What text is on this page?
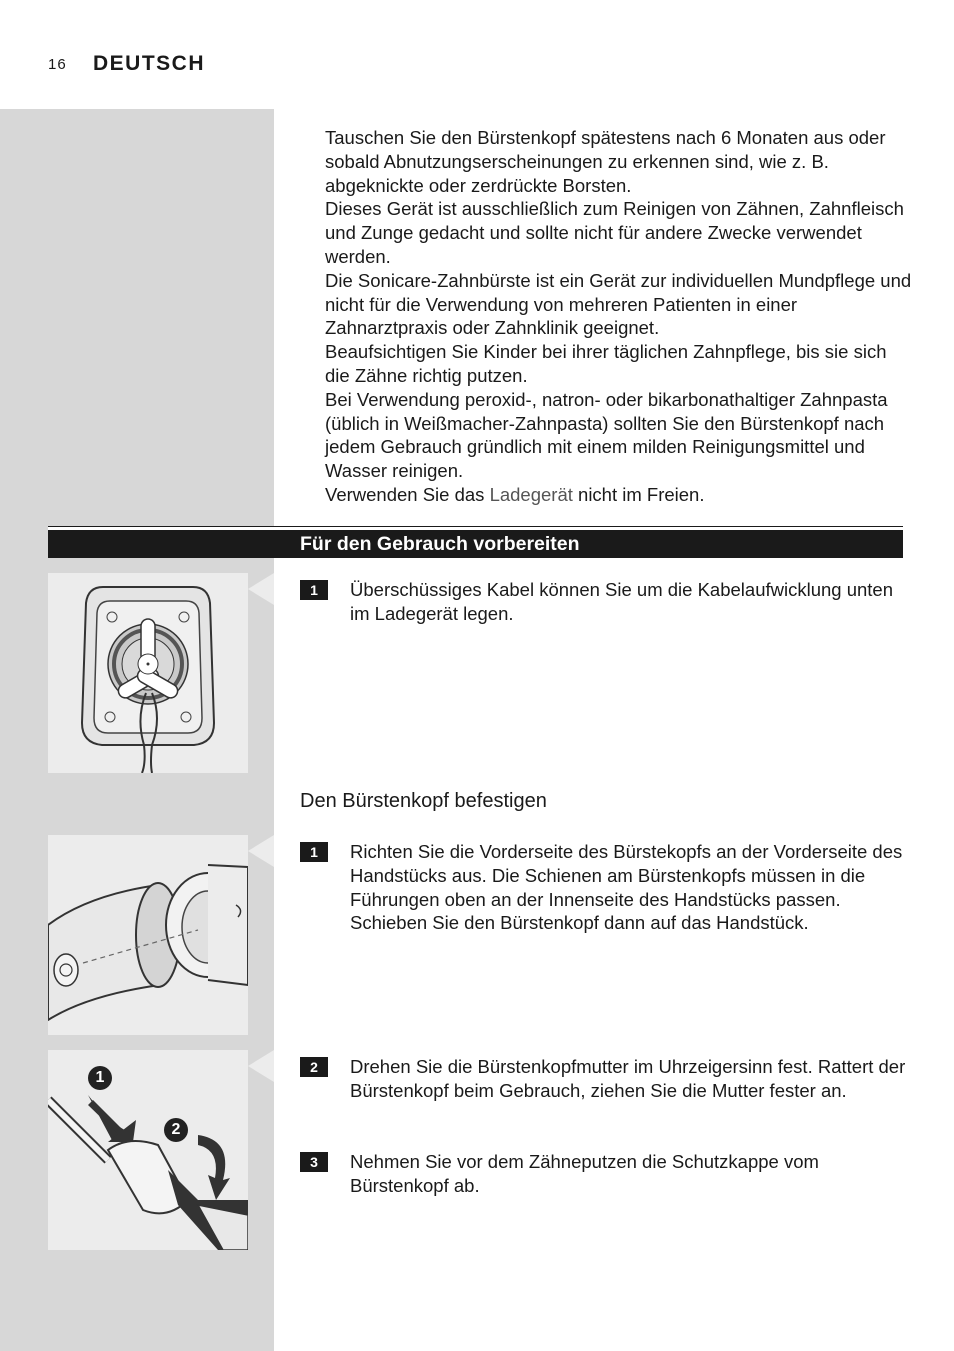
16 DEUTSCH

Tauschen Sie den Bürstenkopf spätestens nach 6 Monaten aus oder sobald Abnutzungserscheinungen zu erkennen sind, wie z. B. abgeknickte oder zerdrückte Borsten.

Dieses Gerät ist ausschließlich zum Reinigen von Zähnen, Zahnfleisch und Zunge gedacht und sollte nicht für andere Zwecke verwendet werden.

Die Sonicare-Zahnbürste ist ein Gerät zur individuellen Mundpflege und nicht für die Verwendung von mehreren Patienten in einer Zahnarztpraxis oder Zahnklinik geeignet.

Beaufsichtigen Sie Kinder bei ihrer täglichen Zahnpflege, bis sie sich die Zähne richtig putzen.

Bei Verwendung peroxid-, natron- oder bikarbonathaltiger Zahnpasta (üblich in Weißmacher-Zahnpasta) sollten Sie den Bürstenkopf nach jedem Gebrauch gründlich mit einem milden Reinigungsmittel und Wasser reinigen.

Verwenden Sie das Ladegerät nicht im Freien.

Für den Gebrauch vorbereiten
1	Überschüssiges Kabel können Sie um die Kabelaufwicklung unten im Ladegerät legen.
Den Bürstenkopf befestigen
1	Richten Sie die Vorderseite des Bürstekopfs an der Vorderseite des Handstücks aus. Die Schienen am Bürstenkopfs müssen in die Führungen oben an der Innenseite des Handstücks passen. Schieben Sie den Bürstenkopf dann auf das Handstück.
1
2
2	Drehen Sie die Bürstenkopfmutter im Uhrzeigersinn fest. Rattert der Bürstenkopf beim Gebrauch, ziehen Sie die Mutter fester an.
3	Nehmen Sie vor dem Zähneputzen die Schutzkappe vom Bürstenkopf ab.
